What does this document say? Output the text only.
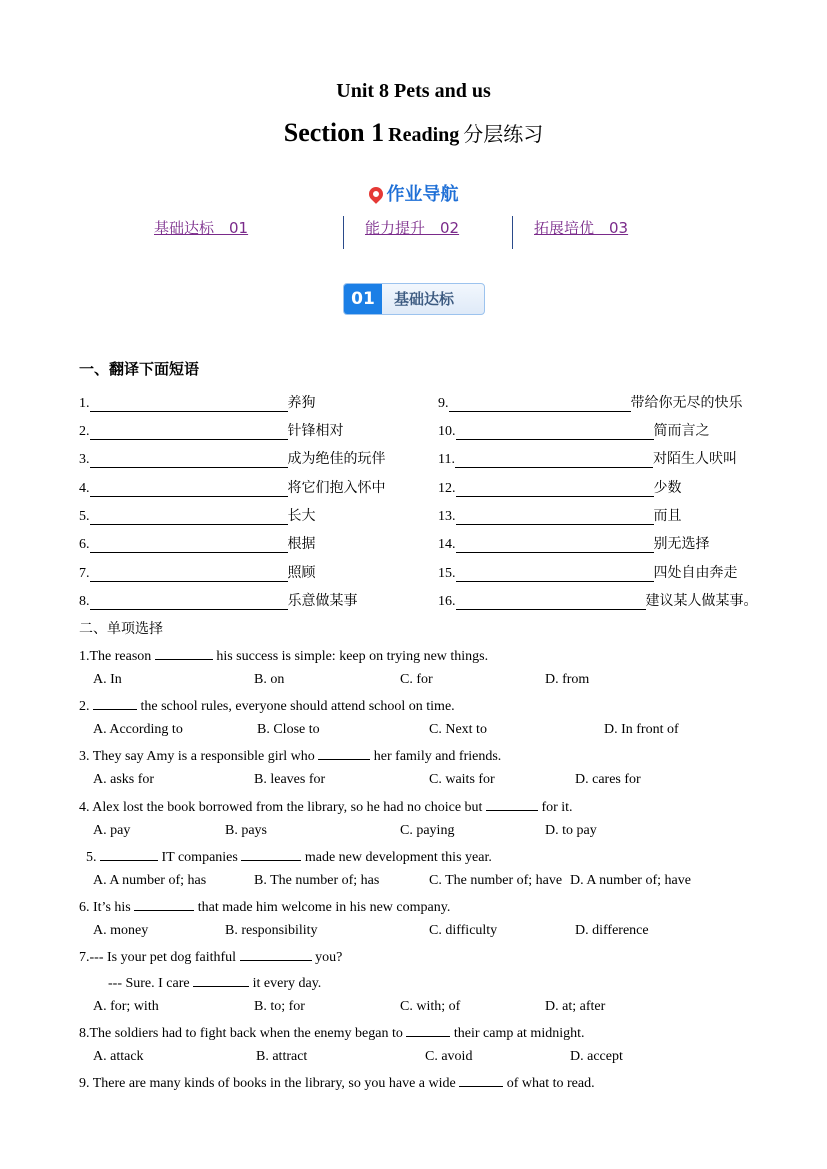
Unit 8 Pets and us
Section 1 Reading 分层练习
作业导航
基础达标　01	能力提升　02	拓展培优　03
01	基础达标
一、翻译下面短语
1.	养狗
2.	针锋相对
3.	成为绝佳的玩伴
4.	将它们抱入怀中
5.	长大
6.	根据
7.	照顾
8.	乐意做某事
9.	带给你无尽的快乐
10.	简而言之
11.	对陌生人吠叫
12.	少数
13.	而且
14.	别无选择
15.	四处自由奔走
16.	建议某人做某事。
二、单项选择
1.The reason	his success is simple: keep on trying new things.
A. In	B. on	C. for	D. from
2.	the school rules, everyone should attend school on time.
A. According to	B. Close to	C. Next to	D. In front of
3. They say Amy is a responsible girl who	her family and friends.
A. asks for	B. leaves for	C. waits for	D. cares for
4. Alex lost the book borrowed from the library, so he had no choice but	for it.
A. pay	B. pays	C. paying	D. to pay
5.	IT companies	made new development this year.
A. A number of; has	B. The number of; has	C. The number of; have D. A number of; have
6. It’s his	that made him welcome in his new company.
A. money	B. responsibility	C. difficulty	D. difference
7.--- Is your pet dog faithful	you?
--- Sure. I care	it every day.
A. for; with	B. to; for	C. with; of	D. at; after
8.The soldiers had to fight back when the enemy began to	their camp at midnight.
A. attack	B. attract	C. avoid	D. accept
9. There are many kinds of books in the library, so you have a wide	of what to read.
